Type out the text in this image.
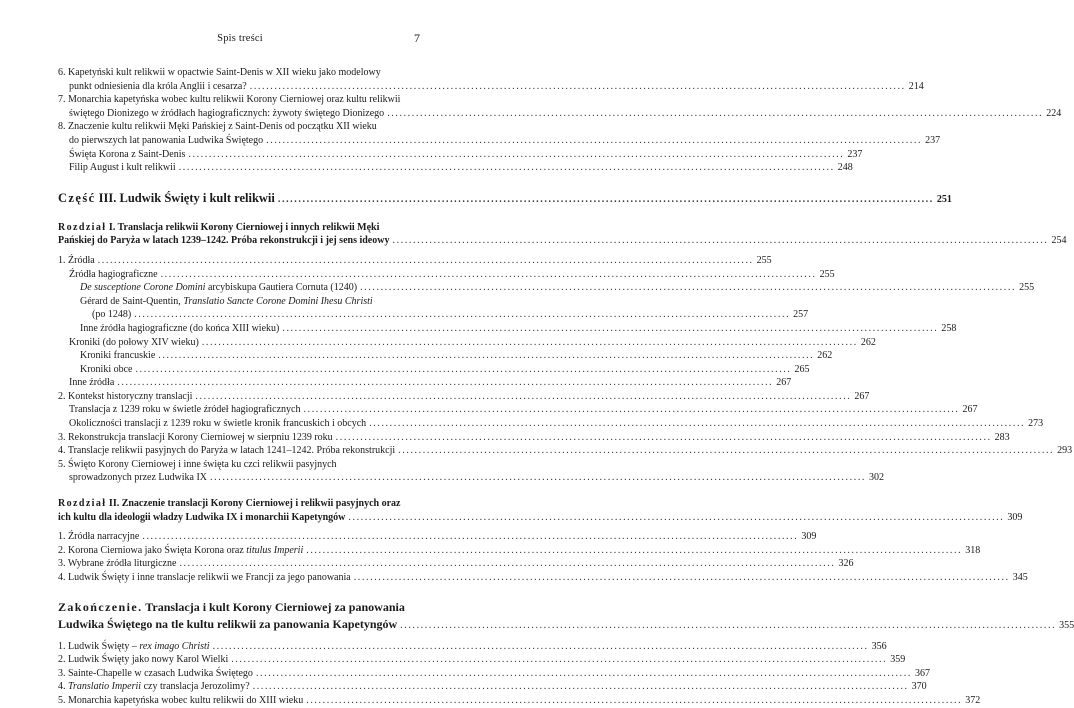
Spis treści	7
6. Kapetyński kult relikwii w opactwie Saint-Denis w XII wieku jako modelowy
punkt odniesienia dla króla Anglii i cesarza? ................................................................................................................................................................ 214
7. Monarchia kapetyńska wobec kultu relikwii Korony Cierniowej oraz kultu relikwii
świętego Dionizego w źródłach hagiograficznych: żywoty świętego Dionizego ................................................................................................................................................................ 224
8. Znaczenie kultu relikwii Męki Pańskiej z Saint-Denis od początku XII wieku
do pierwszych lat panowania Ludwika Świętego ................................................................................................................................................................ 237
Święta Korona z Saint-Denis ................................................................................................................................................................ 237
Filip August i kult relikwii ................................................................................................................................................................ 248
Część III. Ludwik Święty i kult relikwii ................................................................................................................................................................ 251
Rozdział I. Translacja relikwii Korony Cierniowej i innych relikwii Męki
Pańskiej do Paryża w latach 1239–1242. Próba rekonstrukcji i jej sens ideowy ................................................................................................................................................................ 254
1. Źródła ................................................................................................................................................................ 255
Źródła hagiograficzne ................................................................................................................................................................ 255
De susceptione Corone Domini arcybiskupa Gautiera Cornuta (1240) ................................................................................................................................................................ 255
Gérard de Saint-Quentin, Translatio Sancte Corone Domini Ihesu Christi
(po 1248) ................................................................................................................................................................ 257
Inne źródła hagiograficzne (do końca XIII wieku) ................................................................................................................................................................ 258
Kroniki (do połowy XIV wieku) ................................................................................................................................................................ 262
Kroniki francuskie ................................................................................................................................................................ 262
Kroniki obce ................................................................................................................................................................ 265
Inne źródła ................................................................................................................................................................ 267
2. Kontekst historyczny translacji ................................................................................................................................................................ 267
Translacja z 1239 roku w świetle źródeł hagiograficznych ................................................................................................................................................................ 267
Okoliczności translacji z 1239 roku w świetle kronik francuskich i obcych ................................................................................................................................................................ 273
3. Rekonstrukcja translacji Korony Cierniowej w sierpniu 1239 roku ................................................................................................................................................................ 283
4. Translacje relikwii pasyjnych do Paryża w latach 1241–1242. Próba rekonstrukcji ................................................................................................................................................................ 293
5. Święto Korony Cierniowej i inne święta ku czci relikwii pasyjnych
sprowadzonych przez Ludwika IX ................................................................................................................................................................ 302
Rozdział II. Znaczenie translacji Korony Cierniowej i relikwii pasyjnych oraz
ich kultu dla ideologii władzy Ludwika IX i monarchii Kapetyngów ................................................................................................................................................................ 309
1. Źródła narracyjne ................................................................................................................................................................ 309
2. Korona Cierniowa jako Święta Korona oraz titulus Imperii ................................................................................................................................................................ 318
3. Wybrane źródła liturgiczne ................................................................................................................................................................ 326
4. Ludwik Święty i inne translacje relikwii we Francji za jego panowania ................................................................................................................................................................ 345
Zakończenie. Translacja i kult Korony Cierniowej za panowania
Ludwika Świętego na tle kultu relikwii za panowania Kapetyngów ................................................................................................................................................................ 355
1. Ludwik Święty – rex imago Christi ................................................................................................................................................................ 356
2. Ludwik Święty jako nowy Karol Wielki ................................................................................................................................................................ 359
3. Sainte-Chapelle w czasach Ludwika Świętego ................................................................................................................................................................ 367
4. Translatio Imperii czy translacja Jerozolimy? ................................................................................................................................................................ 370
5. Monarchia kapetyńska wobec kultu relikwii do XIII wieku ................................................................................................................................................................ 372
